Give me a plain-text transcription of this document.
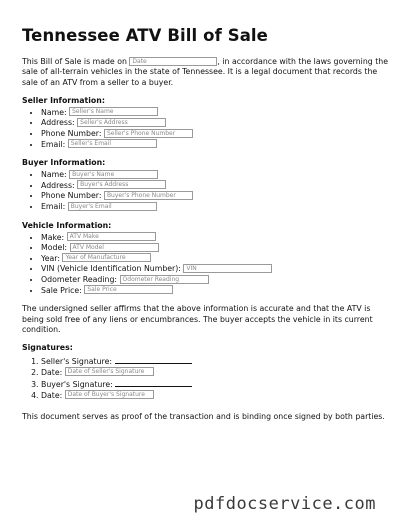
Tennessee ATV Bill of Sale

This Bill of Sale is made on Date	, in accordance with the laws governing the sale of all-terrain vehicles in the state of Tennessee. It is a legal document that records the sale of an ATV from a seller to a buyer.

Seller Information:
• Name: Seller's Name
• Address: Seller's Address
• Phone Number: Seller's Phone Number
• Email: Seller's Email
Buyer Information:
• Name: Buyer's Name
• Address: Buyer's Address
• Phone Number: Buyer's Phone Number
• Email: Buyer's Email
Vehicle Information:
• Make: ATV Make
• Model: ATV Model
• Year: Year of Manufacture
• VIN (Vehicle Identification Number): VIN
• Odometer Reading: Odometer Reading
• Sale Price: Sale Price

The undersigned seller affirms that the above information is accurate and that the ATV is being sold free of any liens or encumbrances. The buyer accepts the vehicle in its current condition.

Signatures:
1. Seller's Signature:
2. Date: Date of Seller's Signature
3. Buyer's Signature:
4. Date: Date of Buyer's Signature

This document serves as proof of the transaction and is binding once signed by both parties.

pdfdocservice.com
